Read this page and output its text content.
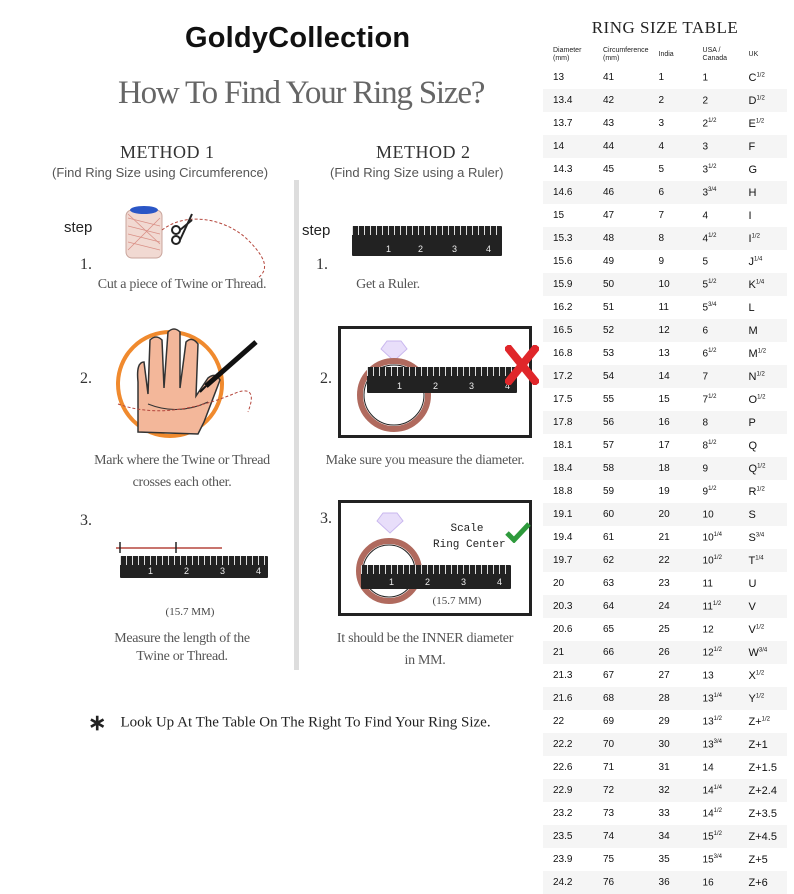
GoldyCollection
How To Find Your Ring Size?
METHOD 1
(Find Ring Size using Circumference)
METHOD 2
(Find Ring Size using a Ruler)
step
1.
Cut a piece of Twine or Thread.
2.
Mark where the Twine or Thread
crosses each other.
3.
1	2	3	4
(15.7 MM)
Measure the length of the
Twine or Thread.
step
1	2	3	4
1.
Get a Ruler.
2.	1	2	3	4
Make sure you measure the diameter.
3.
Scale
Ring Center
1	2	3	4
(15.7 MM)
It should be the INNER diameter
in MM.
∗ Look Up At The Table On The Right To Find Your Ring Size.
RING SIZE TABLE
Diameter
(mm)	Circumference
(mm)	India	USA /
Canada	UK
13	41	1	1	$C^{1/2}$
13.4	42	2	2	$D^{1/2}$
13.7	43	3	$2^{1/2}$	$E^{1/2}$
14	44	4	3	F
14.3	45	5	$3^{1/2}$	G
14.6	46	6	$3^{3/4}$	H
15	47	7	4	I
15.3	48	8	$4^{1/2}$	$I^{1/2}$
15.6	49	9	5	$J^{1/4}$
15.9	50	10	$5^{1/2}$	$K^{1/4}$
16.2	51	11	$5^{3/4}$	L
16.5	52	12	6	M
16.8	53	13	$6^{1/2}$	$M^{1/2}$
17.2	54	14	7	$N^{1/2}$
17.5	55	15	$7^{1/2}$	$O^{1/2}$
17.8	56	16	8	P
18.1	57	17	$8^{1/2}$	Q
18.4	58	18	9	$Q^{1/2}$
18.8	59	19	$9^{1/2}$	$R^{1/2}$
19.1	60	20	10	S
19.4	61	21	$10^{1/4}$	$S^{3/4}$
19.7	62	22	$10^{1/2}$	$T^{1/4}$
20	63	23	11	U
20.3	64	24	$11^{1/2}$	V
20.6	65	25	12	$V^{1/2}$
21	66	26	$12^{1/2}$	$W^{3/4}$
21.3	67	27	13	$X^{1/2}$
21.6	68	28	$13^{1/4}$	$Y^{1/2}$
22	69	29	$13^{1/2}$	Z+$^{1/2}$
22.2	70	30	$13^{3/4}$	Z+1
22.6	71	31	14	Z+1.5
22.9	72	32	$14^{1/4}$	Z+2.4
23.2	73	33	$14^{1/2}$	Z+3.5
23.5	74	34	$15^{1/2}$	Z+4.5
23.9	75	35	$15^{3/4}$	Z+5
24.2	76	36	16	Z+6
